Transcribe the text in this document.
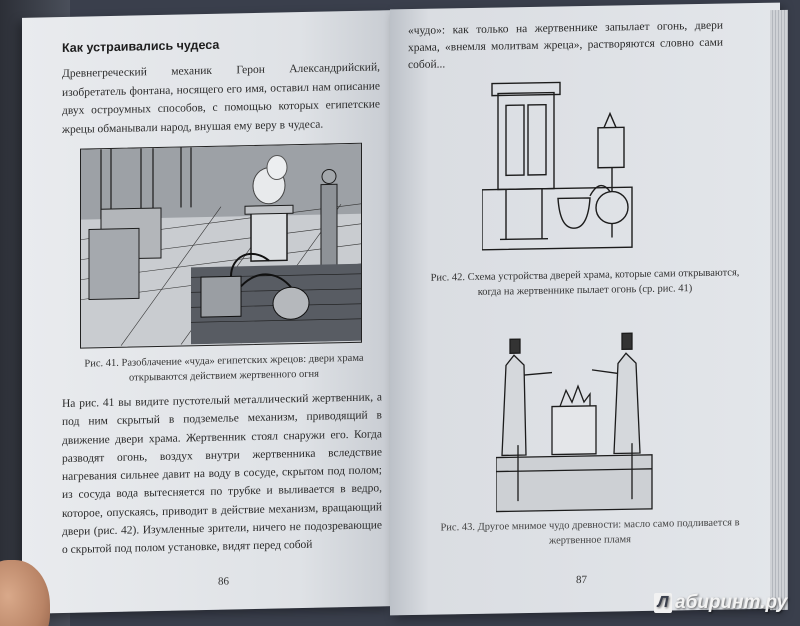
Как устраивались чудеса
Древнегреческий механик Герон Александрийский, изобретатель фонтана, носящего его имя, оставил нам описание двух остроумных способов, с помощью которых египетские жрецы обманывали народ, внушая ему веру в чудеса.
Рис. 41. Разоблачение «чуда» египетских жрецов: двери храма открываются действием жертвенного огня
На рис. 41 вы видите пустотелый металлический жертвенник, а под ним скрытый в подземелье механизм, приводящий в движение двери храма. Жертвенник стоял снаружи его. Когда разводят огонь, воздух внутри жертвенника вследствие нагревания сильнее давит на воду в сосуде, скрытом под полом; из сосуда вода вытесняется по трубке и выливается в ведро, которое, опускаясь, приводит в действие механизм, вращающий двери (рис. 42). Изумленные зрители, ничего не подозревающие о скрытой под полом установке, видят перед собой
86
«чудо»: как только на жертвеннике запылает огонь, двери храма, «внемля молитвам жреца», растворяются словно сами собой...
Рис. 42. Схема устройства дверей храма, которые сами открываются, когда на жертвеннике пылает огонь (ср. рис. 41)
Рис. 43. Другое мнимое чудо древности: масло само подливается в жертвенное пламя
87
Л абиринт.ру
